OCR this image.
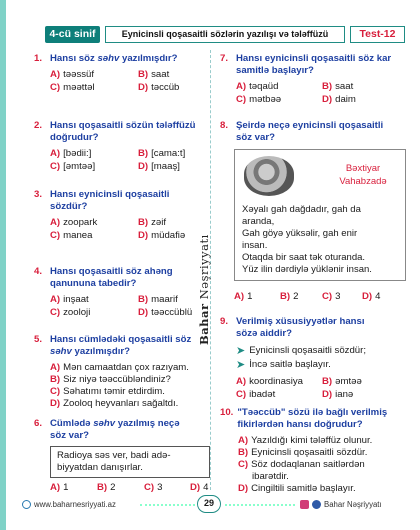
4-cü sinif	Eynicinsli qoşasaitli sözlərin yazılışı və tələffüzü	Test-12
Bahar Nəşriyyatı
1. Hansı söz səhv yazılmışdır?
A) təəssüf	B) saat
C) məəttəl	D) təccüb
2. Hansı qoşasaitli sözün tələffüzü
doğrudur?
A) [bədii:]	B) [cama:t]
C) [əmtəə]	D) [maaş]
3. Hansı eynicinsli qoşasaitli
sözdür?
A) zoopark	B) zəif
C) manea	D) müdafiə
4. Hansı qoşasaitli söz ahəng
qanununa tabedir?
A) inşaat	B) maarif
C) zooloji	D) təəccüblü
5. Hansı cümlədəki qoşasaitli söz
səhv yazılmışdır?
A) Mən camaatdan çox razıyam.
B) Siz niyə təəccübləndiniz?
C) Səhatımı təmir etdirdim.
D) Zooloq heyvanları sağaltdı.
6. Cümlədə səhv yazılmış neçə
söz var?
Radioya səs ver, badi adə-
biyyatdan danışırlar.
A) 1	B) 2	C) 3	D) 4
7. Hansı eynicinsli qoşasaitli söz kar
samitlə başlayır?
A) təqaüd	B) saat
C) mətbəə	D) daim
8. Şeirdə neçə eynicinsli qoşasaitli
söz var?
Bəxtiyar
Vahabzadə
Xəyalı gah dağdadır, gah da
aranda,
Gah göyə yüksəlir, gah enir
insan.
Otaqda bir saat tək oturanda.
Yüz ilin dərdiylə yüklənir insan.
A) 1	B) 2 C) 3 D) 4
9. Verilmiş xüsusiyyətlər hansı
sözə aiddir?
➤ Eynicinsli qoşasaitli sözdür;
➤ İncə saitlə başlayır.
A) koordinasiya B) əmtəə
C) ibadət	D) ianə
10. "Təəccüb" sözü ilə bağlı verilmiş
fikirlərdən hansı doğrudur?
A) Yazıldığı kimi tələffüz olunur.
B) Eynicinsli qoşasaitli sözdür.
C) Söz dodaqlanan saitlərdən
ibarətdir.
D) Cingiltili samitlə başlayır.
www.baharnesriyyati.az	29	Bahar Nəşriyyatı
